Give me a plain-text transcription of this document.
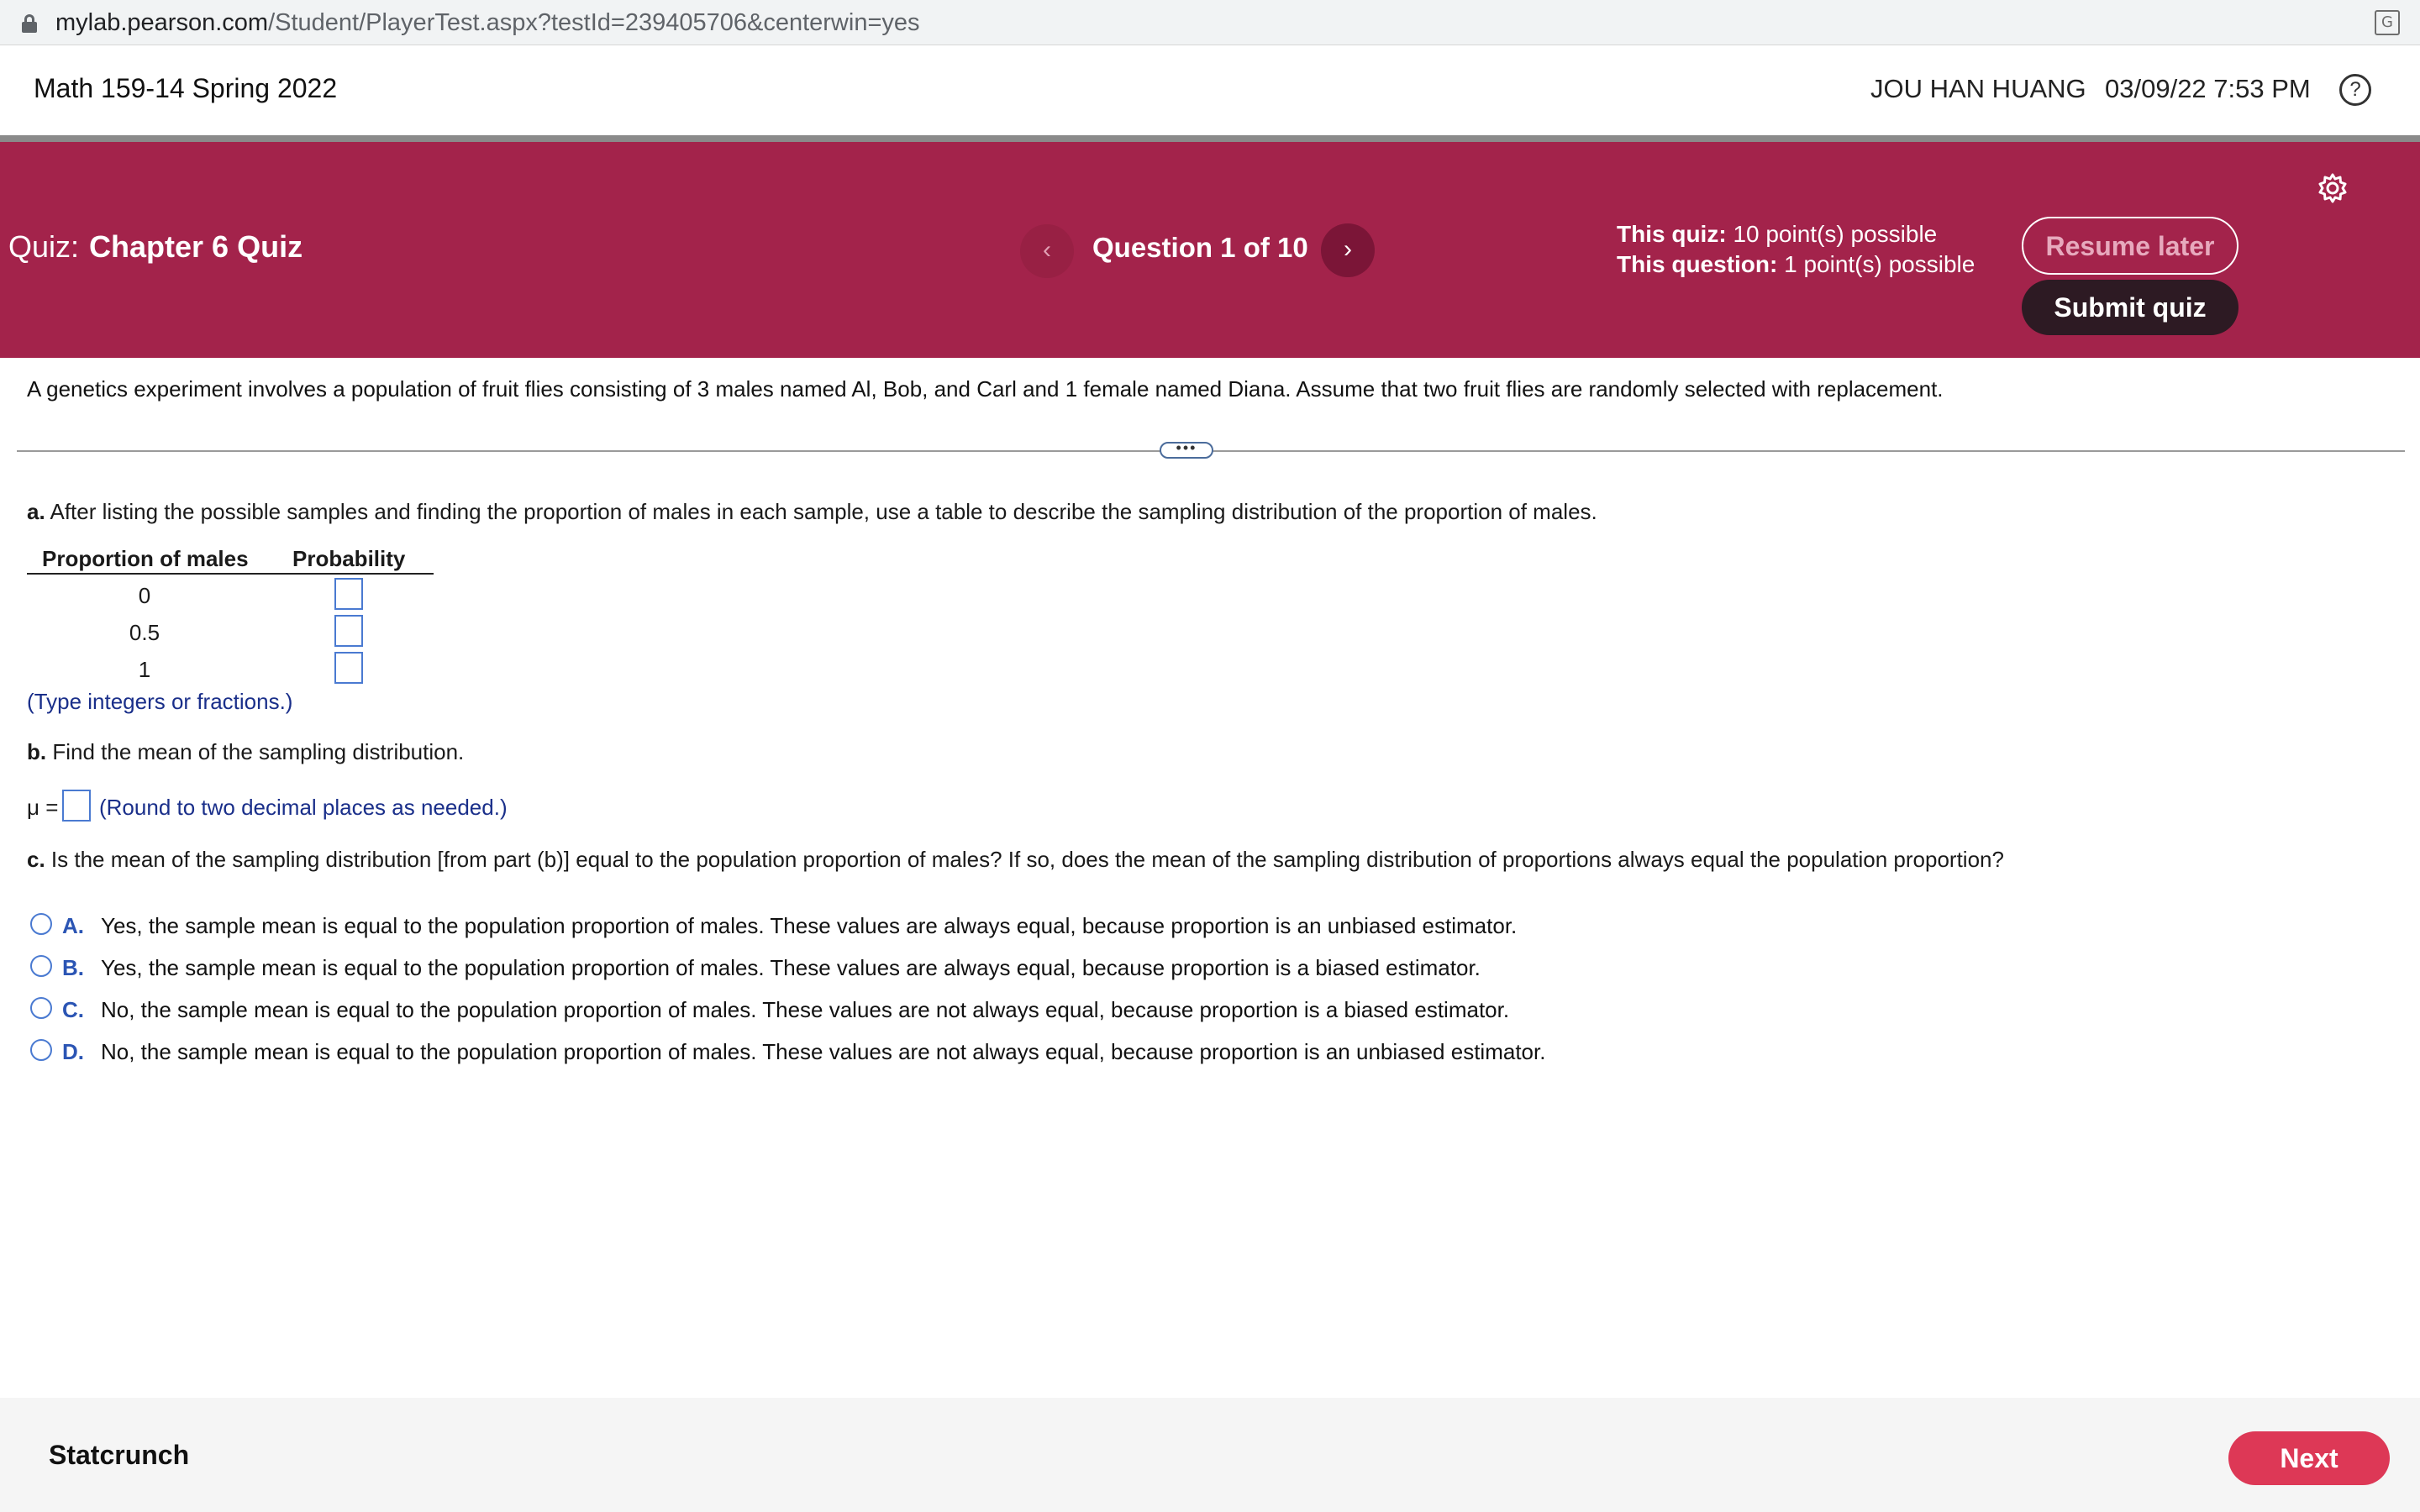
mylab.pearson.com/Student/PlayerTest.aspx?testId=239405706&centerwin=yes	G
Math 159-14 Spring 2022	JOU HAN HUANG 03/09/22 7:53 PM	?
Quiz: Chapter 6 Quiz	‹	Question 1 of 10	›
This quiz: 10 point(s) possible
This question: 1 point(s) possible
Resume later
Submit quiz
A genetics experiment involves a population of fruit flies consisting of 3 males named Al, Bob, and Carl and 1 female named Diana. Assume that two fruit flies are randomly selected with replacement.
•••
a. After listing the possible samples and finding the proportion of males in each sample, use a table to describe the sampling distribution of the proportion of males.
Proportion of males Probability
0
0.5
1
(Type integers or fractions.)
b. Find the mean of the sampling distribution.
μ = (Round to two decimal places as needed.)
c. Is the mean of the sampling distribution [from part (b)] equal to the population proportion of males? If so, does the mean of the sampling distribution of proportions always equal the population proportion?
A. Yes, the sample mean is equal to the population proportion of males. These values are always equal, because proportion is an unbiased estimator.
B. Yes, the sample mean is equal to the population proportion of males. These values are always equal, because proportion is a biased estimator.
C. No, the sample mean is equal to the population proportion of males. These values are not always equal, because proportion is a biased estimator.
D. No, the sample mean is equal to the population proportion of males. These values are not always equal, because proportion is an unbiased estimator.
Statcrunch	Next
